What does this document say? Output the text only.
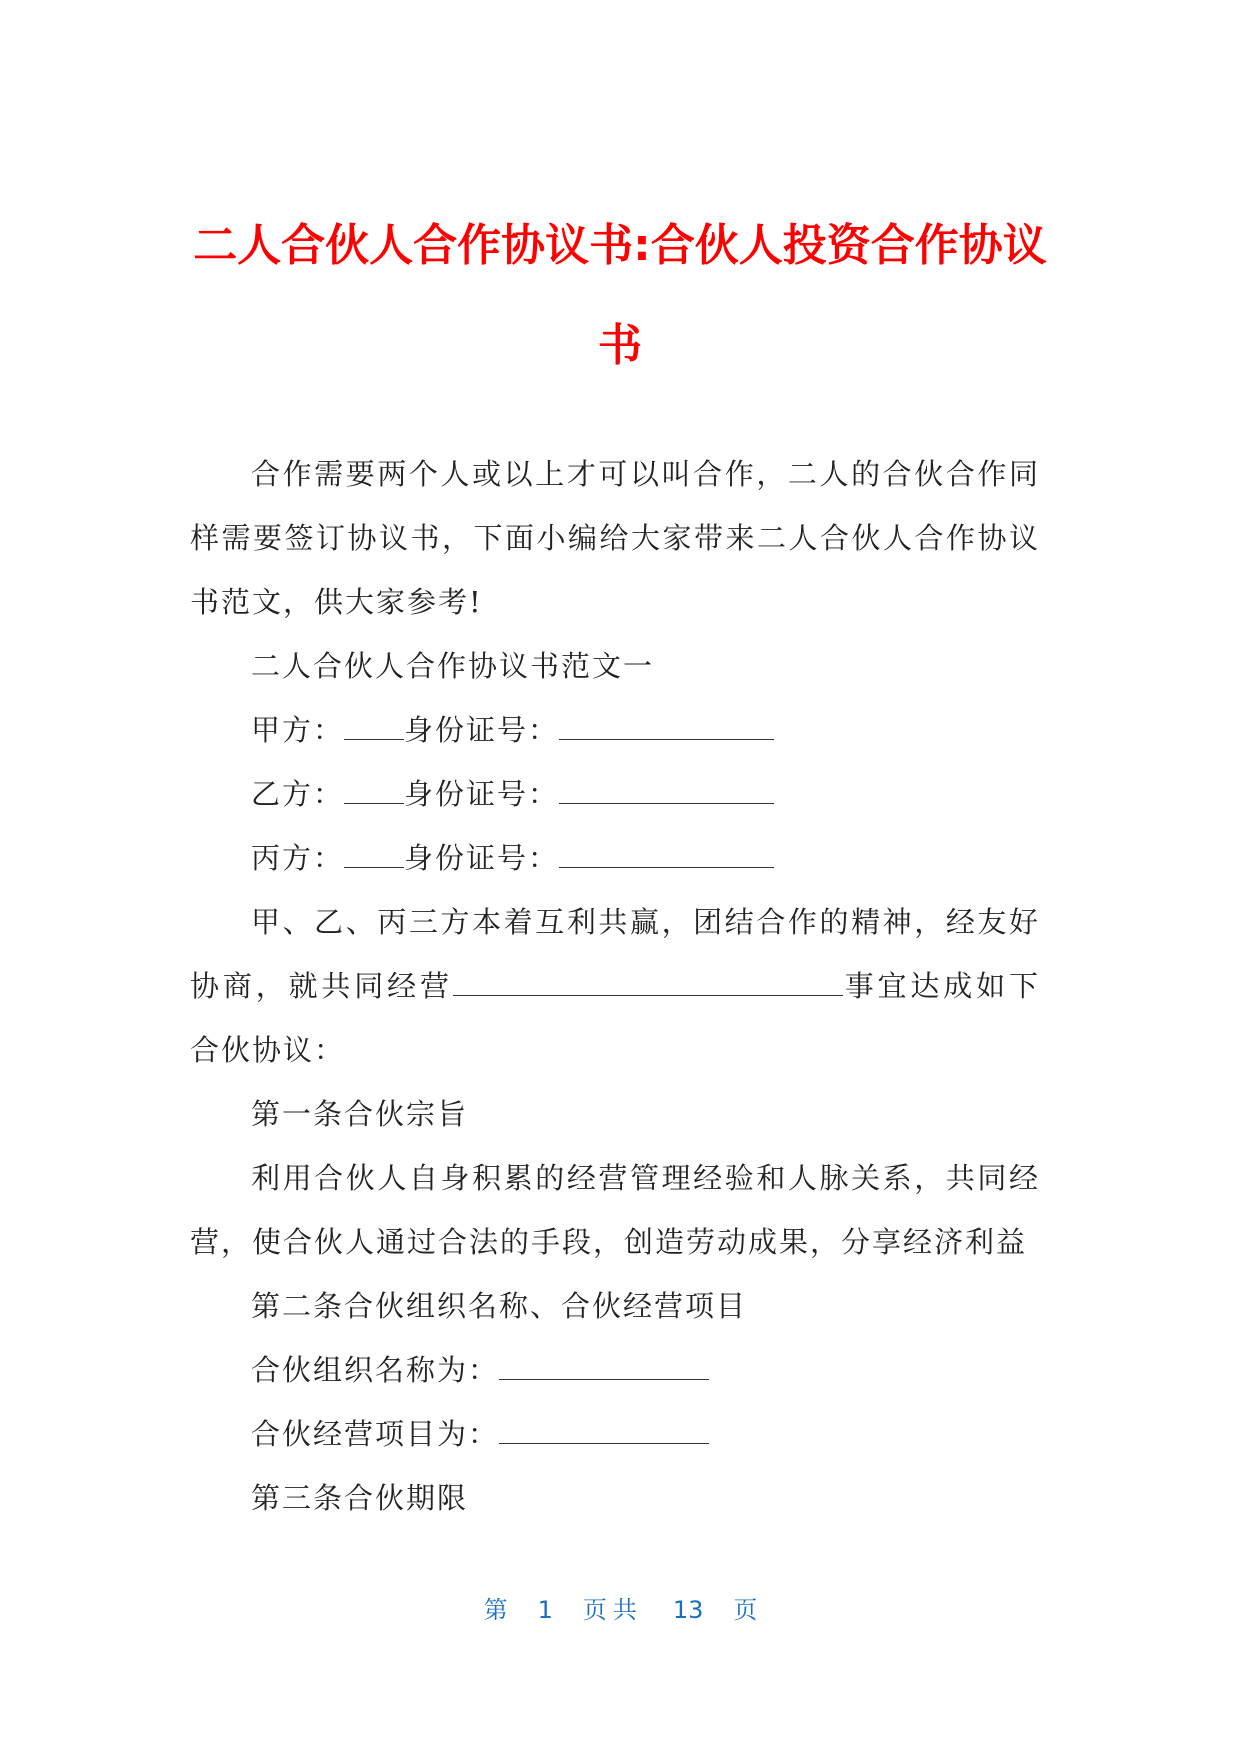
二人合伙人合作协议书:合伙人投资合作协议书

合作需要两个人或以上才可以叫合作，二人的合伙合作同样需要签订协议书，下面小编给大家带来二人合伙人合作协议书范文，供大家参考!

二人合伙人合作协议书范文一

甲方： 身份证号：

乙方： 身份证号：

丙方： 身份证号：

甲、乙、丙三方本着互利共赢，团结合作的精神，经友好协商，就共同经营	事宜达成如下合伙协议：

第一条合伙宗旨

利用合伙人自身积累的经营管理经验和人脉关系，共同经营，使合伙人通过合法的手段，创造劳动成果，分享经济利益

第二条合伙组织名称、合伙经营项目

合伙组织名称为：

合伙经营项目为：

第三条合伙期限

第 1 页共 13 页
